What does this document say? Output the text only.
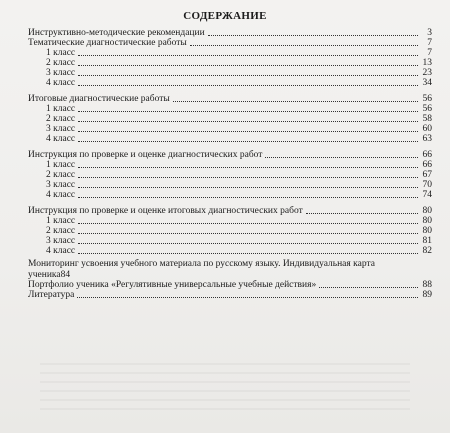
СОДЕРЖАНИЕ
Инструктивно-методические рекомендации	3
Тематические диагностические работы	7
1 класс	7
2 класс	13
3 класс	23
4 класс	34
Итоговые диагностические работы	56
1 класс	56
2 класс	58
3 класс	60
4 класс	63
Инструкция по проверке и оценке диагностических работ	66
1 класс	66
2 класс	67
3 класс	70
4 класс	74
Инструкция по проверке и оценке итоговых диагностических работ	80
1 класс	80
2 класс	80
3 класс	81
4 класс	82
Мониторинг усвоения учебного материала по русскому языку. Индивидуальная карта
ученика 84
Портфолио ученика «Регулятивные универсальные учебные действия»	88
Литература	89
